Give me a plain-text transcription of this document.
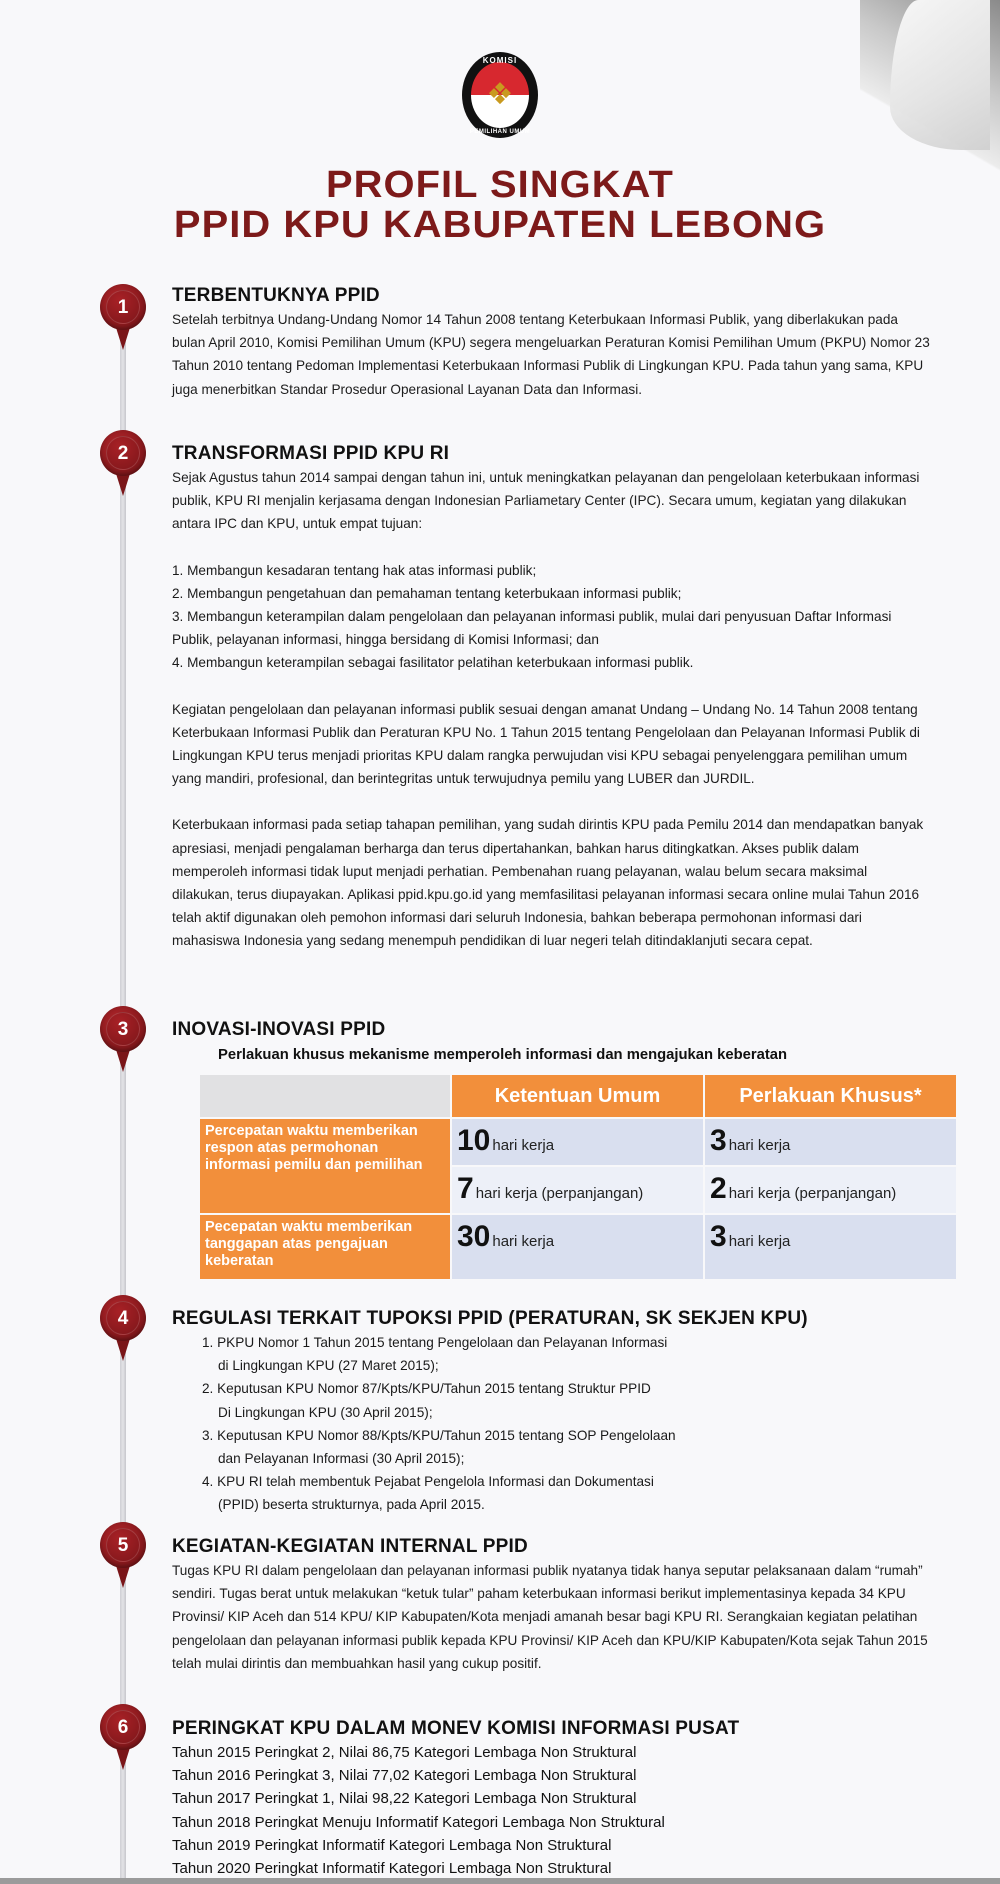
❖
KOMISI
PEMILIHAN UMUM
PROFIL SINGKAT
PPID KPU KABUPATEN LEBONG
1
2
3
4
5
6
TERBENTUKNYA PPID

Setelah terbitnya Undang-Undang Nomor 14 Tahun 2008 tentang Keterbukaan Informasi Publik, yang diberlakukan pada bulan April 2010, Komisi Pemilihan Umum (KPU) segera mengeluarkan Peraturan Komisi Pemilihan Umum (PKPU) Nomor 23 Tahun 2010 tentang Pedoman Implementasi Keterbukaan Informasi Publik di Lingkungan KPU. Pada tahun yang sama, KPU juga menerbitkan Standar Prosedur Operasional Layanan Data dan Informasi.

TRANSFORMASI PPID KPU RI

Sejak Agustus tahun 2014 sampai dengan tahun ini, untuk meningkatkan pelayanan dan pengelolaan keterbukaan informasi publik, KPU RI menjalin kerjasama dengan Indonesian Parliametary Center (IPC). Secara umum, kegiatan yang dilakukan antara IPC dan KPU, untuk empat tujuan:

1. Membangun kesadaran tentang hak atas informasi publik;
2. Membangun pengetahuan dan pemahaman tentang keterbukaan informasi publik;
3. Membangun keterampilan dalam pengelolaan dan pelayanan informasi publik, mulai dari penyusuan Daftar Informasi Publik, pelayanan informasi, hingga bersidang di Komisi Informasi; dan
4. Membangun keterampilan sebagai fasilitator pelatihan keterbukaan informasi publik.

Kegiatan pengelolaan dan pelayanan informasi publik sesuai dengan amanat Undang – Undang No. 14 Tahun 2008 tentang Keterbukaan Informasi Publik dan Peraturan KPU No. 1 Tahun 2015 tentang Pengelolaan dan Pelayanan Informasi Publik di Lingkungan KPU terus menjadi prioritas KPU dalam rangka perwujudan visi KPU sebagai penyelenggara pemilihan umum yang mandiri, profesional, dan berintegritas untuk terwujudnya pemilu yang LUBER dan JURDIL.

Keterbukaan informasi pada setiap tahapan pemilihan, yang sudah dirintis KPU pada Pemilu 2014 dan mendapatkan banyak apresiasi, menjadi pengalaman berharga dan terus dipertahankan, bahkan harus ditingkatkan. Akses publik dalam memperoleh informasi tidak luput menjadi perhatian. Pembenahan ruang pelayanan, walau belum secara maksimal dilakukan, terus diupayakan. Aplikasi ppid.kpu.go.id yang memfasilitasi pelayanan informasi secara online mulai Tahun 2016 telah aktif digunakan oleh pemohon informasi dari seluruh Indonesia, bahkan beberapa permohonan informasi dari mahasiswa Indonesia yang sedang menempuh pendidikan di luar negeri telah ditindaklanjuti secara cepat.

INOVASI-INOVASI PPID
Perlakuan khusus mekanisme memperoleh informasi dan mengajukan keberatan
	Ketentuan Umum	Perlakuan Khusus*
Percepatan waktu memberikan respon atas permohonan informasi pemilu dan pemilihan	10 hari kerja	3 hari kerja
	7 hari kerja (perpanjangan)	2 hari kerja (perpanjangan)
Pecepatan waktu memberikan tanggapan atas pengajuan keberatan	30 hari kerja	3 hari kerja
REGULASI TERKAIT TUPOKSI PPID (PERATURAN, SK SEKJEN KPU)
1. PKPU Nomor 1 Tahun 2015 tentang Pengelolaan dan Pelayanan Informasi
di Lingkungan KPU (27 Maret 2015);
2. Keputusan KPU Nomor 87/Kpts/KPU/Tahun 2015 tentang Struktur PPID
Di Lingkungan KPU (30 April 2015);
3. Keputusan KPU Nomor 88/Kpts/KPU/Tahun 2015 tentang SOP Pengelolaan
dan Pelayanan Informasi (30 April 2015);
4. KPU RI telah membentuk Pejabat Pengelola Informasi dan Dokumentasi
(PPID) beserta strukturnya, pada April 2015.
KEGIATAN-KEGIATAN INTERNAL PPID

Tugas KPU RI dalam pengelolaan dan pelayanan informasi publik nyatanya tidak hanya seputar pelaksanaan dalam “rumah” sendiri. Tugas berat untuk melakukan “ketuk tular” paham keterbukaan informasi berikut implementasinya kepada 34 KPU Provinsi/ KIP Aceh dan 514 KPU/ KIP Kabupaten/Kota menjadi amanah besar bagi KPU RI. Serangkaian kegiatan pelatihan pengelolaan dan pelayanan informasi publik kepada KPU Provinsi/ KIP Aceh dan KPU/KIP Kabupaten/Kota sejak Tahun 2015 telah mulai dirintis dan membuahkan hasil yang cukup positif.

PERINGKAT KPU DALAM MONEV KOMISI INFORMASI PUSAT
Tahun 2015 Peringkat 2, Nilai 86,75 Kategori Lembaga Non Struktural
Tahun 2016 Peringkat 3, Nilai 77,02 Kategori Lembaga Non Struktural
Tahun 2017 Peringkat 1, Nilai 98,22 Kategori Lembaga Non Struktural
Tahun 2018 Peringkat Menuju Informatif Kategori Lembaga Non Struktural
Tahun 2019 Peringkat Informatif Kategori Lembaga Non Struktural
Tahun 2020 Peringkat Informatif Kategori Lembaga Non Struktural
